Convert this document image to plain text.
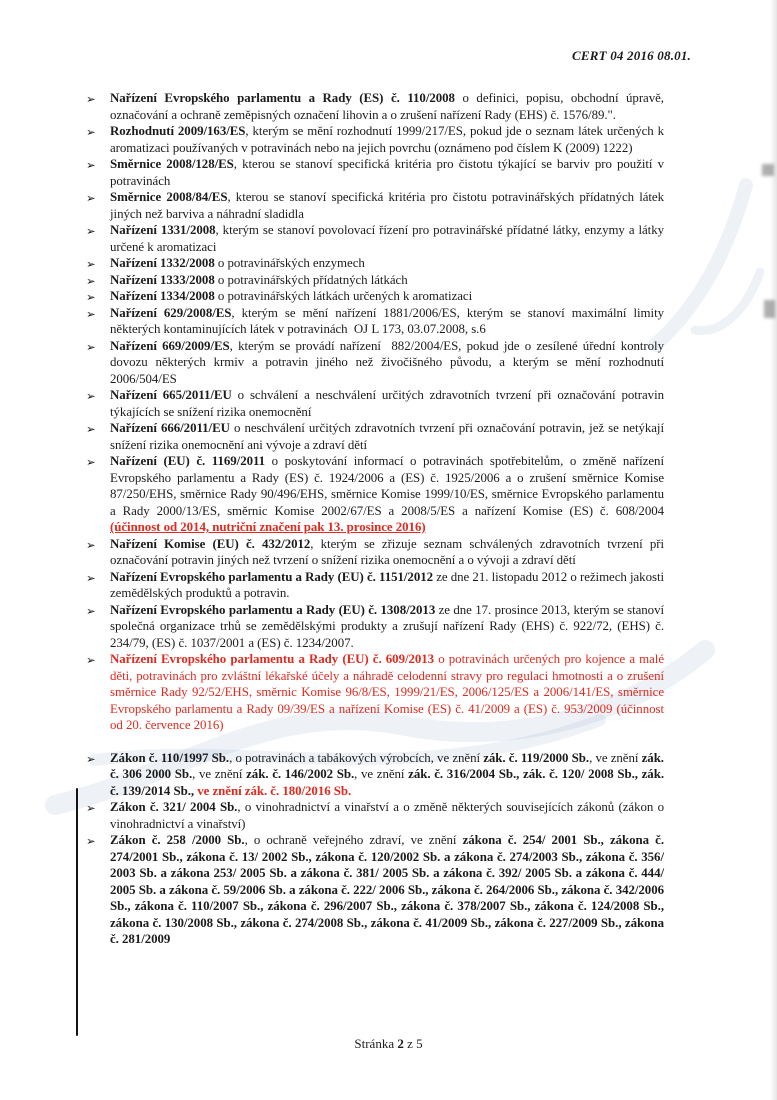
CERT 04 2016 08.01.
➢ Nařízení Evropského parlamentu a Rady (ES) č. 110/2008 o definici, popisu, obchodní úpravě, označování a ochraně zeměpisných označení lihovin a o zrušení nařízení Rady (EHS) č. 1576/89.".
➢ Rozhodnutí 2009/163/ES, kterým se mění rozhodnutí 1999/217/ES, pokud jde o seznam látek určených k aromatizaci používaných v potravinách nebo na jejich povrchu (oznámeno pod číslem K (2009) 1222)
➢ Směrnice 2008/128/ES, kterou se stanoví specifická kritéria pro čistotu týkající se barviv pro použití v potravinách
➢ Směrnice 2008/84/ES, kterou se stanoví specifická kritéria pro čistotu potravinářských přídatných látek jiných než barviva a náhradní sladidla
➢ Nařízení 1331/2008, kterým se stanoví povolovací řízení pro potravinářské přídatné látky, enzymy a látky určené k aromatizaci
➢ Nařízení 1332/2008 o potravinářských enzymech
➢ Nařízení 1333/2008 o potravinářských přídatných látkách
➢ Nařízení 1334/2008 o potravinářských látkách určených k aromatizaci
➢ Nařízení 629/2008/ES, kterým se mění nařízení 1881/2006/ES, kterým se stanoví maximální limity některých kontaminujících látek v potravinách  OJ L 173, 03.07.2008, s.6
➢ Nařízení 669/2009/ES, kterým se provádí nařízení  882/2004/ES, pokud jde o zesílené úřední kontroly dovozu některých krmiv a potravin jiného než živočišného původu, a kterým se mění rozhodnutí 2006/504/ES
➢ Nařízení 665/2011/EU o schválení a neschválení určitých zdravotních tvrzení při označování potravin týkajících se snížení rizika onemocnění
➢ Nařízení 666/2011/EU o neschválení určitých zdravotních tvrzení při označování potravin, jež se netýkají snížení rizika onemocnění ani vývoje a zdraví dětí
➢ Nařízení (EU) č. 1169/2011 o poskytování informací o potravinách spotřebitelům, o změně nařízení Evropského parlamentu a Rady (ES) č. 1924/2006 a (ES) č. 1925/2006 a o zrušení směrnice Komise 87/250/EHS, směrnice Rady 90/496/EHS, směrnice Komise 1999/10/ES, směrnice Evropského parlamentu a Rady 2000/13/ES, směrnic Komise 2002/67/ES a 2008/5/ES a nařízení Komise (ES) č. 608/2004 (účinnost od 2014, nutriční značení pak 13. prosince 2016)
➢ Nařízení Komise (EU) č. 432/2012, kterým se zřizuje seznam schválených zdravotních tvrzení při označování potravin jiných než tvrzení o snížení rizika onemocnění a o vývoji a zdraví dětí
➢ Nařízení Evropského parlamentu a Rady (EU) č. 1151/2012 ze dne 21. listopadu 2012 o režimech jakosti zemědělských produktů a potravin.
➢ Nařízení Evropského parlamentu a Rady (EU) č. 1308/2013 ze dne 17. prosince 2013, kterým se stanoví společná organizace trhů se zemědělskými produkty a zrušují nařízení Rady (EHS) č. 922/72, (EHS) č. 234/79, (ES) č. 1037/2001 a (ES) č. 1234/2007.
➢ Nařízení Evropského parlamentu a Rady (EU) č. 609/2013 o potravinách určených pro kojence a malé děti, potravinách pro zvláštní lékařské účely a náhradě celodenní stravy pro regulaci hmotnosti a o zrušení směrnice Rady 92/52/EHS, směrnic Komise 96/8/ES, 1999/21/ES, 2006/125/ES a 2006/141/ES, směrnice Evropského parlamentu a Rady 09/39/ES a nařízení Komise (ES) č. 41/2009 a (ES) č. 953/2009 (účinnost od 20. července 2016)
➢ Zákon č. 110/1997 Sb., o potravinách a tabákových výrobcích, ve znění zák. č. 119/2000 Sb., ve znění zák. č. 306 2000 Sb., ve znění zák. č. 146/2002 Sb., ve znění zák. č. 316/2004 Sb., zák. č. 120/ 2008 Sb., zák. č. 139/2014 Sb., ve znění zák. č. 180/2016 Sb.
➢ Zákon č. 321/ 2004 Sb., o vinohradnictví a vinařství a o změně některých souvisejících zákonů (zákon o vinohradnictví a vinařství)
➢ Zákon č. 258 /2000 Sb., o ochraně veřejného zdraví, ve znění zákona č. 254/ 2001 Sb., zákona č. 274/2001 Sb., zákona č. 13/ 2002 Sb., zákona č. 120/2002 Sb. a zákona č. 274/2003 Sb., zákona č. 356/ 2003 Sb. a zákona 253/ 2005 Sb. a zákona č. 381/ 2005 Sb. a zákona č. 392/ 2005 Sb. a zákona č. 444/ 2005 Sb. a zákona č. 59/2006 Sb. a zákona č. 222/ 2006 Sb., zákona č. 264/2006 Sb., zákona č. 342/2006 Sb., zákona č. 110/2007 Sb., zákona č. 296/2007 Sb., zákona č. 378/2007 Sb., zákona č. 124/2008 Sb., zákona č. 130/2008 Sb., zákona č. 274/2008 Sb., zákona č. 41/2009 Sb., zákona č. 227/2009 Sb., zákona č. 281/2009
Stránka 2 z 5
